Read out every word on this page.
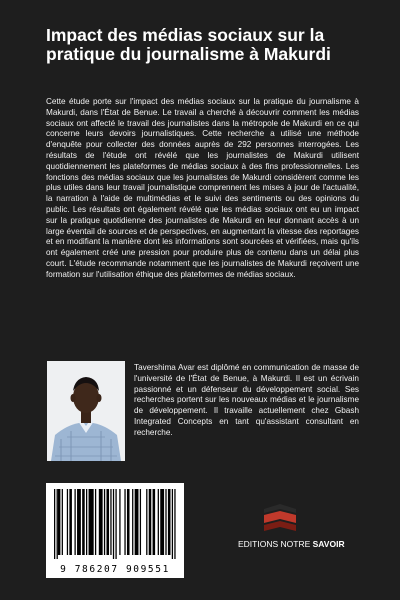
Impact des médias sociaux sur la pratique du journalisme à Makurdi

Cette étude porte sur l'impact des médias sociaux sur la pratique du journalisme à Makurdi, dans l'État de Benue. Le travail a cherché à découvrir comment les médias sociaux ont affecté le travail des journalistes dans la métropole de Makurdi en ce qui concerne leurs devoirs journalistiques. Cette recherche a utilisé une méthode d'enquête pour collecter des données auprès de 292 personnes interrogées. Les résultats de l'étude ont révélé que les journalistes de Makurdi utilisent quotidiennement les plateformes de médias sociaux à des fins professionnelles. Les fonctions des médias sociaux que les journalistes de Makurdi considèrent comme les plus utiles dans leur travail journalistique comprennent les mises à jour de l'actualité, la narration à l'aide de multimédias et le suivi des sentiments ou des opinions du public. Les résultats ont également révélé que les médias sociaux ont eu un impact sur la pratique quotidienne des journalistes de Makurdi en leur donnant accès à un large éventail de sources et de perspectives, en augmentant la vitesse des reportages et en modifiant la manière dont les informations sont sourcées et vérifiées, mais qu'ils ont également créé une pression pour produire plus de contenu dans un délai plus court. L'étude recommande notamment que les journalistes de Makurdi reçoivent une formation sur l'utilisation éthique des plateformes de médias sociaux.

Tavershima Avar est diplômé en communication de masse de l'université de l'État de Benue, à Makurdi. Il est un écrivain passionné et un défenseur du développement social. Ses recherches portent sur les nouveaux médias et le journalisme de développement. Il travaille actuellement chez Gbash Integrated Concepts en tant qu'assistant consultant en recherche.

9 786207 909551
EDITIONS NOTRE SAVOIR
